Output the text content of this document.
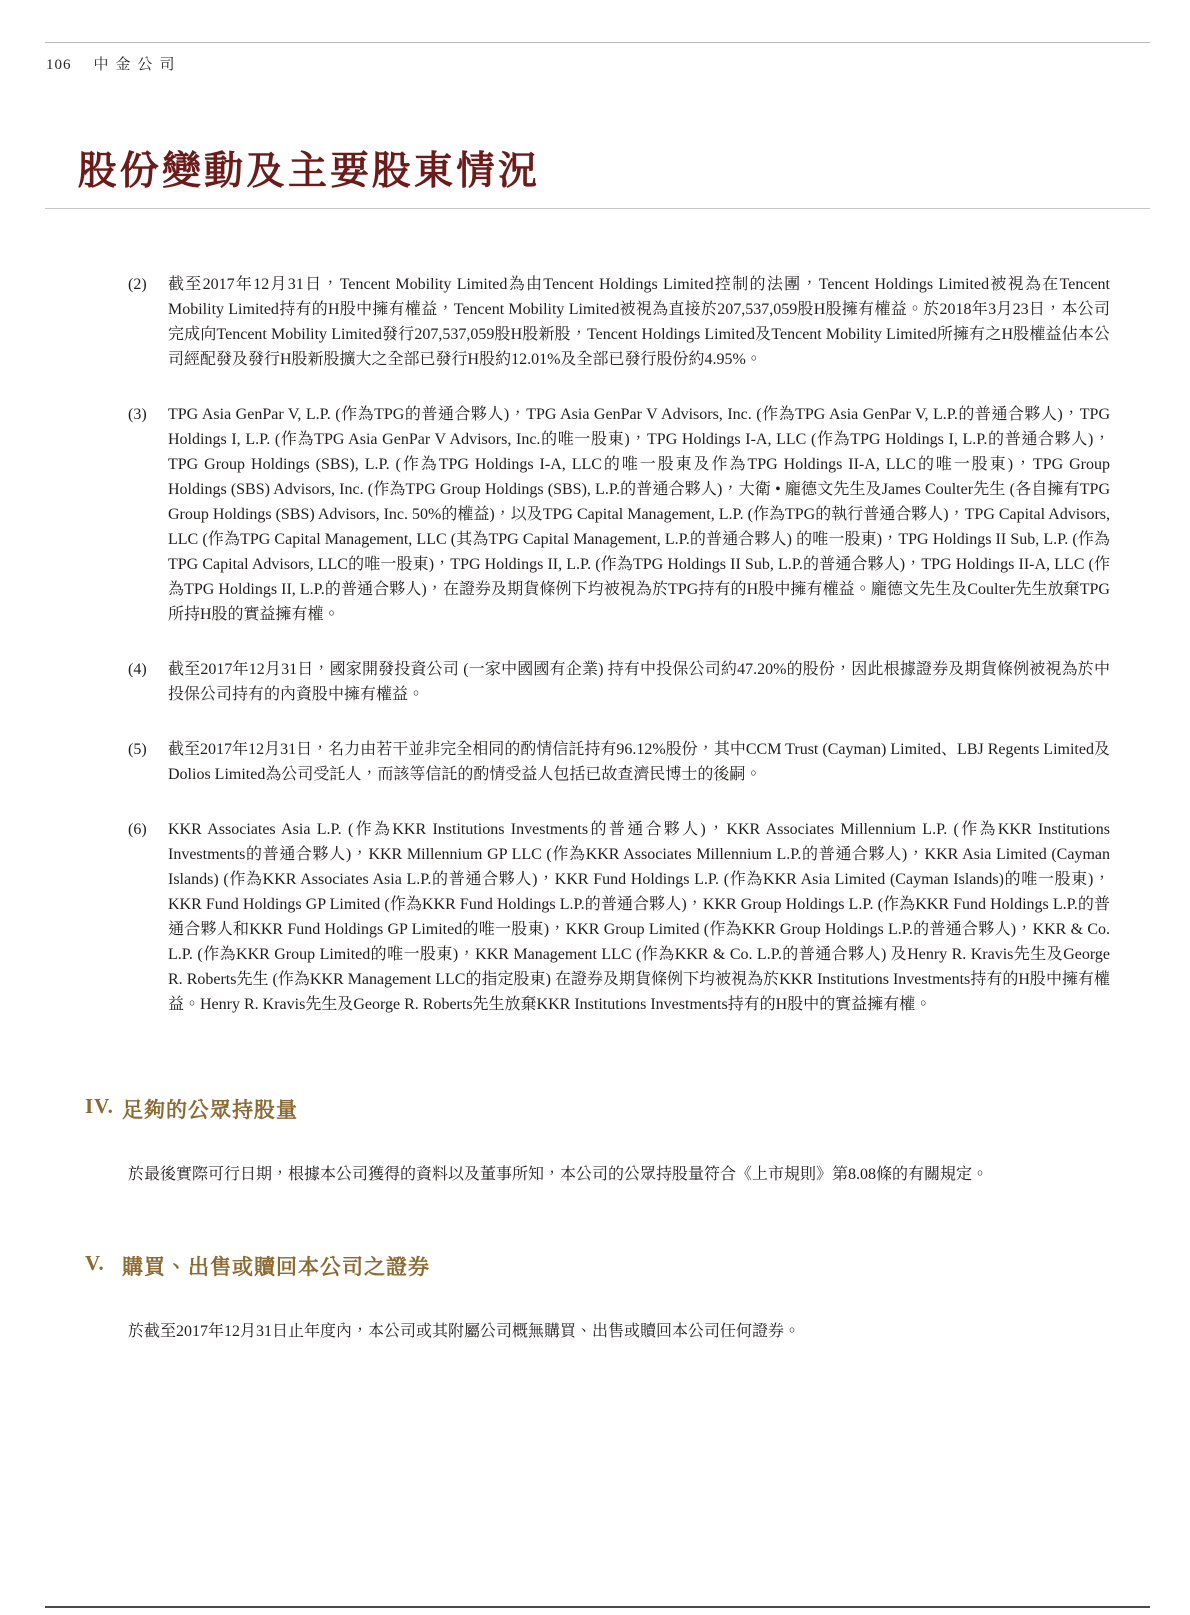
106 中金公司
股份變動及主要股東情況
(2)	截至2017年12月31日，Tencent Mobility Limited為由Tencent Holdings Limited控制的法團，Tencent Holdings Limited被視為在Tencent Mobility Limited持有的H股中擁有權益，Tencent Mobility Limited被視為直接於207,537,059股H股擁有權益。於2018年3月23日，本公司完成向Tencent Mobility Limited發行207,537,059股H股新股，Tencent Holdings Limited及Tencent Mobility Limited所擁有之H股權益佔本公司經配發及發行H股新股擴大之全部已發行H股約12.01%及全部已發行股份約4.95%。
(3)	TPG Asia GenPar V, L.P. (作為TPG的普通合夥人)，TPG Asia GenPar V Advisors, Inc. (作為TPG Asia GenPar V, L.P.的普通合夥人)，TPG Holdings I, L.P. (作為TPG Asia GenPar V Advisors, Inc.的唯一股東)，TPG Holdings I-A, LLC (作為TPG Holdings I, L.P.的普通合夥人)，TPG Group Holdings (SBS), L.P. (作為TPG Holdings I-A, LLC的唯一股東及作為TPG Holdings II-A, LLC的唯一股東)，TPG Group Holdings (SBS) Advisors, Inc. (作為TPG Group Holdings (SBS), L.P.的普通合夥人)，大衛 • 龐德文先生及James Coulter先生 (各自擁有TPG Group Holdings (SBS) Advisors, Inc. 50%的權益)，以及TPG Capital Management, L.P. (作為TPG的執行普通合夥人)，TPG Capital Advisors, LLC (作為TPG Capital Management, LLC (其為TPG Capital Management, L.P.的普通合夥人) 的唯一股東)，TPG Holdings II Sub, L.P. (作為TPG Capital Advisors, LLC的唯一股東)，TPG Holdings II, L.P. (作為TPG Holdings II Sub, L.P.的普通合夥人)，TPG Holdings II-A, LLC (作為TPG Holdings II, L.P.的普通合夥人)，在證券及期貨條例下均被視為於TPG持有的H股中擁有權益。龐德文先生及Coulter先生放棄TPG所持H股的實益擁有權。
(4)	截至2017年12月31日，國家開發投資公司 (一家中國國有企業) 持有中投保公司約47.20%的股份，因此根據證券及期貨條例被視為於中投保公司持有的內資股中擁有權益。
(5)	截至2017年12月31日，名力由若干並非完全相同的酌情信託持有96.12%股份，其中CCM Trust (Cayman) Limited、LBJ Regents Limited及Dolios Limited為公司受託人，而該等信託的酌情受益人包括已故查濟民博士的後嗣。
(6)	KKR Associates Asia L.P. (作為KKR Institutions Investments的普通合夥人)，KKR Associates Millennium L.P. (作為KKR Institutions Investments的普通合夥人)，KKR Millennium GP LLC (作為KKR Associates Millennium L.P.的普通合夥人)，KKR Asia Limited (Cayman Islands) (作為KKR Associates Asia L.P.的普通合夥人)，KKR Fund Holdings L.P. (作為KKR Asia Limited (Cayman Islands)的唯一股東)，KKR Fund Holdings GP Limited (作為KKR Fund Holdings L.P.的普通合夥人)，KKR Group Holdings L.P. (作為KKR Fund Holdings L.P.的普通合夥人和KKR Fund Holdings GP Limited的唯一股東)，KKR Group Limited (作為KKR Group Holdings L.P.的普通合夥人)，KKR & Co. L.P. (作為KKR Group Limited的唯一股東)，KKR Management LLC (作為KKR & Co. L.P.的普通合夥人) 及Henry R. Kravis先生及George R. Roberts先生 (作為KKR Management LLC的指定股東) 在證券及期貨條例下均被視為於KKR Institutions Investments持有的H股中擁有權益。Henry R. Kravis先生及George R. Roberts先生放棄KKR Institutions Investments持有的H股中的實益擁有權。
IV. 足夠的公眾持股量

於最後實際可行日期，根據本公司獲得的資料以及董事所知，本公司的公眾持股量符合《上市規則》第8.08條的有關規定。

V. 購買、出售或贖回本公司之證券

於截至2017年12月31日止年度內，本公司或其附屬公司概無購買、出售或贖回本公司任何證券。
